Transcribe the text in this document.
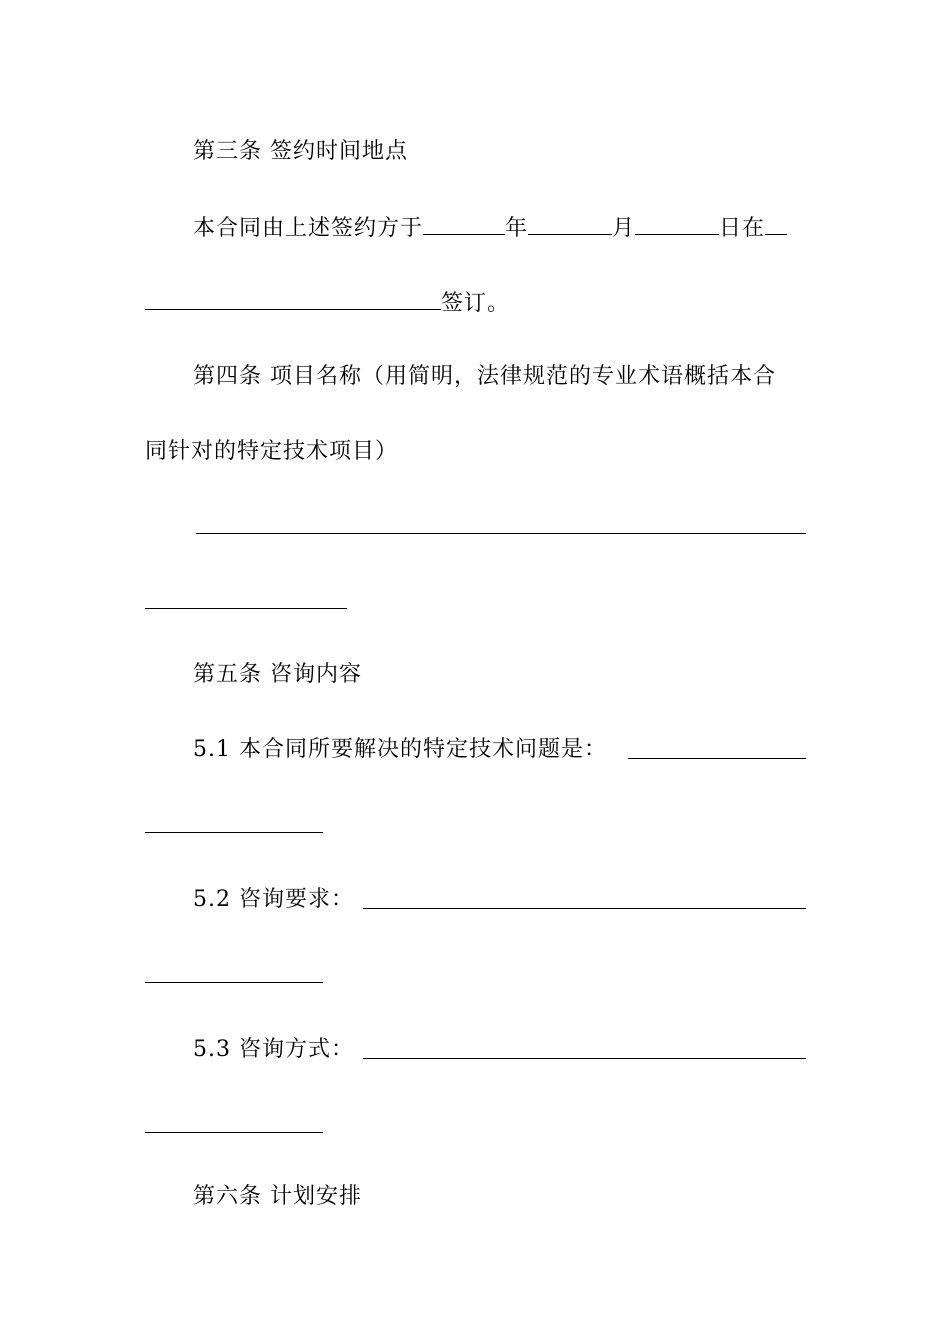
第三条 签约时间地点
本合同由上述签约方于	年	月	日在
签订。
第四条 项目名称（用简明，法律规范的专业术语概括本合
同针对的特定技术项目）
第五条 咨询内容
5.1 本合同所要解决的特定技术问题是：
5.2 咨询要求：
5.3 咨询方式：
第六条 计划安排
